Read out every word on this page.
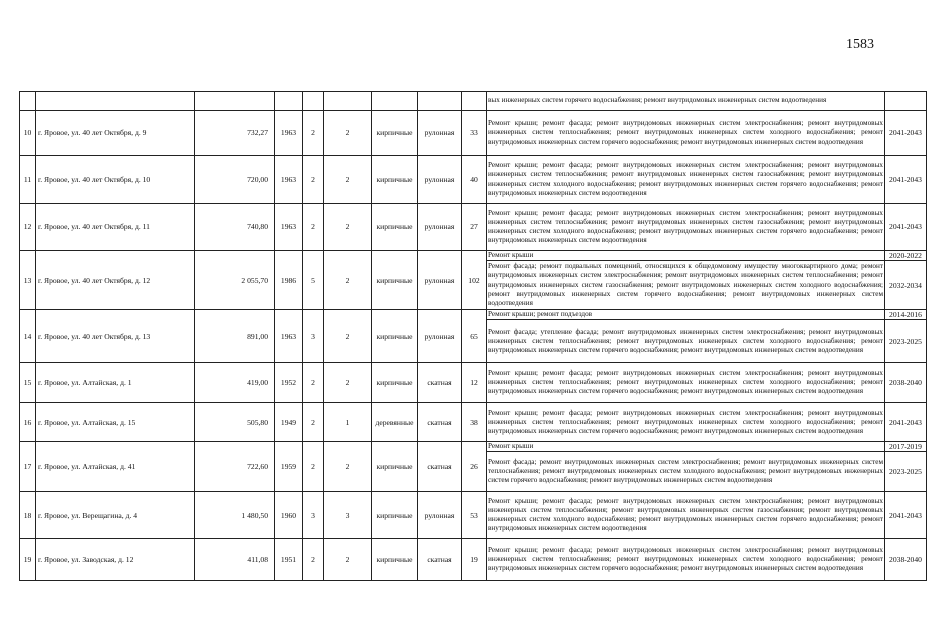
1583
									вых инженерных систем горячего водоснабжения; ремонт внутридомовых инженерных систем водоотведения	
10	г. Яровое, ул. 40 лет Октября, д. 9	732,27	1963	2	2	кирпичные	рулонная	33	Ремонт крыши; ремонт фасада; ремонт внутридомовых инженерных систем электроснабжения; ремонт внутридомовых инженерных систем теплоснабжения; ремонт внутридомовых инженерных систем холодного водоснабжения; ремонт внутридомовых инженерных систем горячего водоснабжения; ремонт внутридомовых инженерных систем водоотведения	2041-2043
11	г. Яровое, ул. 40 лет Октября, д. 10	720,00	1963	2	2	кирпичные	рулонная	40	Ремонт крыши; ремонт фасада; ремонт внутридомовых инженерных систем электроснабжения; ремонт внутридомовых инженерных систем теплоснабжения; ремонт внутридомовых инженерных систем газоснабжения; ремонт внутридомовых инженерных систем холодного водоснабжения; ремонт внутридомовых инженерных систем горячего водоснабжения; ремонт внутридомовых инженерных систем водоотведения	2041-2043
12	г. Яровое, ул. 40 лет Октября, д. 11	740,80	1963	2	2	кирпичные	рулонная	27	Ремонт крыши; ремонт фасада; ремонт внутридомовых инженерных систем электроснабжения; ремонт внутридомовых инженерных систем теплоснабжения; ремонт внутридомовых инженерных систем газоснабжения; ремонт внутридомовых инженерных систем холодного водоснабжения; ремонт внутридомовых инженерных систем горячего водоснабжения; ремонт внутридомовых инженерных систем водоотведения	2041-2043
13	г. Яровое, ул. 40 лет Октября, д. 12	2 055,70	1986	5	2	кирпичные	рулонная	102	Ремонт крыши	2020-2022
									Ремонт фасада; ремонт подвальных помещений, относящихся к общедомовому имуществу многоквартирного дома; ремонт внутридомовых инженерных систем электроснабжения; ремонт внутридомовых инженерных систем теплоснабжения; ремонт внутридомовых инженерных систем газоснабжения; ремонт внутридомовых инженерных систем холодного водоснабжения; ремонт внутридомовых инженерных систем горячего водоснабжения; ремонт внутридомовых инженерных систем водоотведения	2032-2034
14	г. Яровое, ул. 40 лет Октября, д. 13	891,00	1963	3	2	кирпичные	рулонная	65	Ремонт крыши; ремонт подъездов	2014-2016
									Ремонт фасада; утепление фасада; ремонт внутридомовых инженерных систем электроснабжения; ремонт внутридомовых инженерных систем теплоснабжения; ремонт внутридомовых инженерных систем холодного водоснабжения; ремонт внутридомовых инженерных систем горячего водоснабжения; ремонт внутридомовых инженерных систем водоотведения	2023-2025
15	г. Яровое, ул. Алтайская, д. 1	419,00	1952	2	2	кирпичные	скатная	12	Ремонт крыши; ремонт фасада; ремонт внутридомовых инженерных систем электроснабжения; ремонт внутридомовых инженерных систем теплоснабжения; ремонт внутридомовых инженерных систем холодного водоснабжения; ремонт внутридомовых инженерных систем горячего водоснабжения; ремонт внутридомовых инженерных систем водоотведения	2038-2040
16	г. Яровое, ул. Алтайская, д. 15	505,80	1949	2	1	деревянные	скатная	38	Ремонт крыши; ремонт фасада; ремонт внутридомовых инженерных систем электроснабжения; ремонт внутридомовых инженерных систем теплоснабжения; ремонт внутридомовых инженерных систем холодного водоснабжения; ремонт внутридомовых инженерных систем горячего водоснабжения; ремонт внутридомовых инженерных систем водоотведения	2041-2043
17	г. Яровое, ул. Алтайская, д. 41	722,60	1959	2	2	кирпичные	скатная	26	Ремонт крыши	2017-2019
									Ремонт фасада; ремонт внутридомовых инженерных систем электроснабжения; ремонт внутридомовых инженерных систем теплоснабжения; ремонт внутридомовых инженерных систем холодного водоснабжения; ремонт внутридомовых инженерных систем горячего водоснабжения; ремонт внутридомовых инженерных систем водоотведения	2023-2025
18	г. Яровое, ул. Верещагина, д. 4	1 480,50	1960	3	3	кирпичные	рулонная	53	Ремонт крыши; ремонт фасада; ремонт внутридомовых инженерных систем электроснабжения; ремонт внутридомовых инженерных систем теплоснабжения; ремонт внутридомовых инженерных систем газоснабжения; ремонт внутридомовых инженерных систем холодного водоснабжения; ремонт внутридомовых инженерных систем горячего водоснабжения; ремонт внутридомовых инженерных систем водоотведения	2041-2043
19	г. Яровое, ул. Заводская, д. 12	411,08	1951	2	2	кирпичные	скатная	19	Ремонт крыши; ремонт фасада; ремонт внутридомовых инженерных систем электроснабжения; ремонт внутридомовых инженерных систем теплоснабжения; ремонт внутридомовых инженерных систем холодного водоснабжения; ремонт внутридомовых инженерных систем горячего водоснабжения; ремонт внутридомовых инженерных систем водоотведения	2038-2040
